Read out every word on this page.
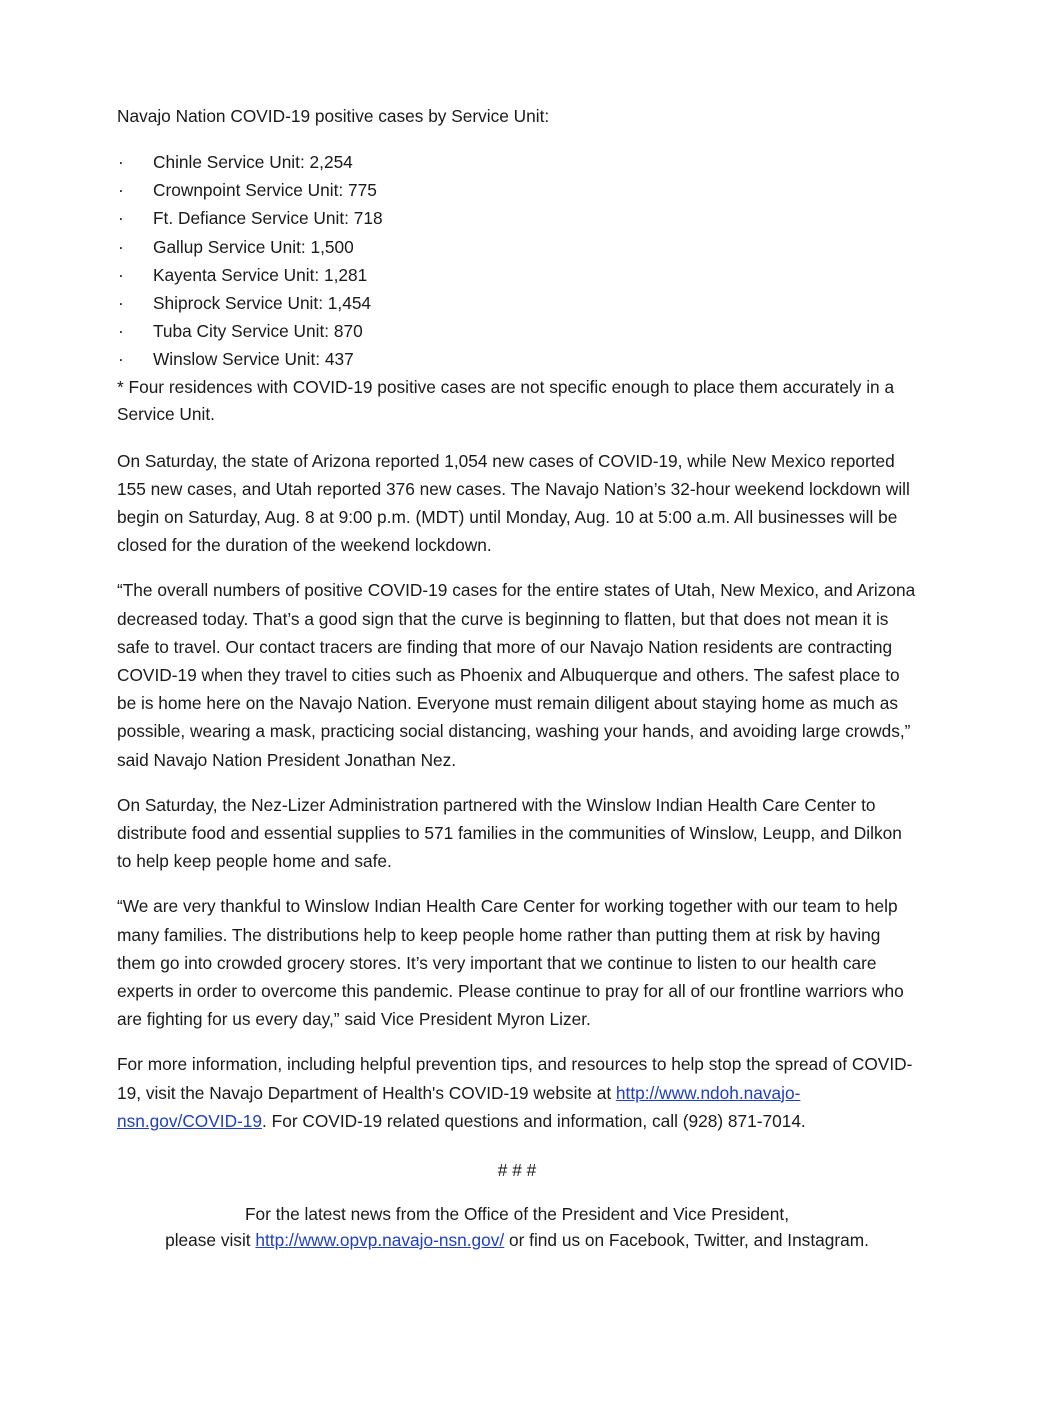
Navajo Nation COVID-19 positive cases by Service Unit:
· Chinle Service Unit: 2,254
· Crownpoint Service Unit: 775
· Ft. Defiance Service Unit: 718
· Gallup Service Unit: 1,500
· Kayenta Service Unit: 1,281
· Shiprock Service Unit: 1,454
· Tuba City Service Unit: 870
· Winslow Service Unit: 437
* Four residences with COVID-19 positive cases are not specific enough to place them accurately in a Service Unit.

On Saturday, the state of Arizona reported 1,054 new cases of COVID-19, while New Mexico reported 155 new cases, and Utah reported 376 new cases. The Navajo Nation’s 32-hour weekend lockdown will begin on Saturday, Aug. 8 at 9:00 p.m. (MDT) until Monday, Aug. 10 at 5:00 a.m. All businesses will be closed for the duration of the weekend lockdown.

“The overall numbers of positive COVID-19 cases for the entire states of Utah, New Mexico, and Arizona decreased today. That’s a good sign that the curve is beginning to flatten, but that does not mean it is safe to travel. Our contact tracers are finding that more of our Navajo Nation residents are contracting COVID-19 when they travel to cities such as Phoenix and Albuquerque and others. The safest place to be is home here on the Navajo Nation. Everyone must remain diligent about staying home as much as possible, wearing a mask, practicing social distancing, washing your hands, and avoiding large crowds,” said Navajo Nation President Jonathan Nez.

On Saturday, the Nez-Lizer Administration partnered with the Winslow Indian Health Care Center to distribute food and essential supplies to 571 families in the communities of Winslow, Leupp, and Dilkon to help keep people home and safe.

“We are very thankful to Winslow Indian Health Care Center for working together with our team to help many families. The distributions help to keep people home rather than putting them at risk by having them go into crowded grocery stores. It’s very important that we continue to listen to our health care experts in order to overcome this pandemic. Please continue to pray for all of our frontline warriors who are fighting for us every day,” said Vice President Myron Lizer.

For more information, including helpful prevention tips, and resources to help stop the spread of COVID-19, visit the Navajo Department of Health's COVID-19 website at http://www.ndoh.navajo-nsn.gov/COVID-19. For COVID-19 related questions and information, call (928) 871-7014.

# # #
For the latest news from the Office of the President and Vice President,
please visit http://www.opvp.navajo-nsn.gov/ or find us on Facebook, Twitter, and Instagram.
